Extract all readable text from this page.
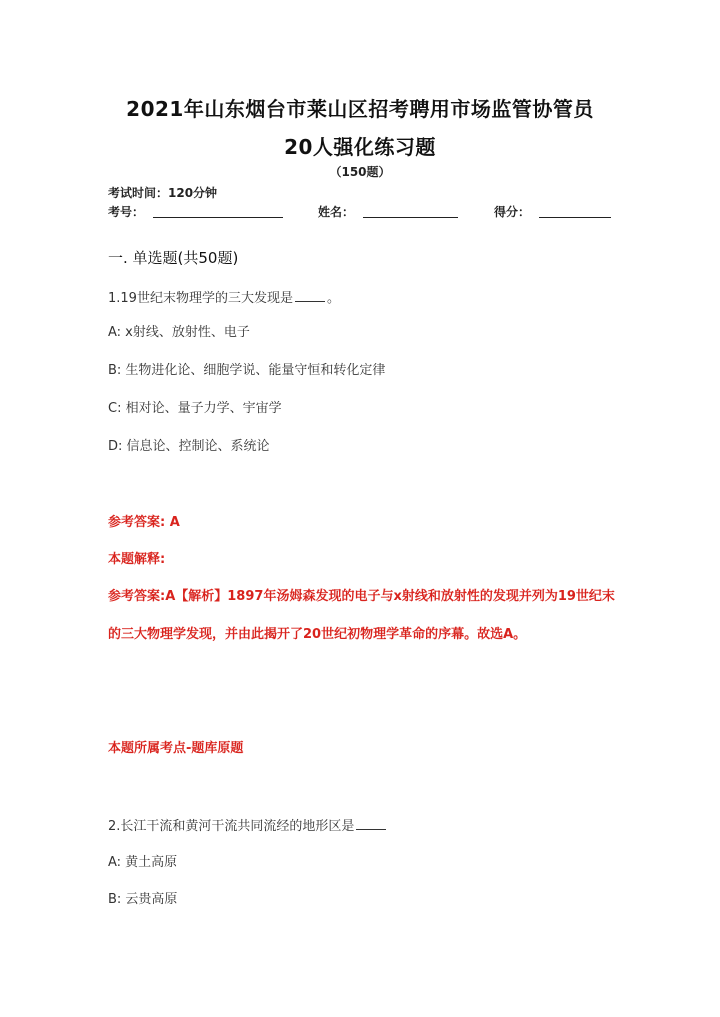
2021年山东烟台市莱山区招考聘用市场监管协管员
20人强化练习题
（150题）
考试时间：120分钟
考号：	姓名：	得分：
一. 单选题(共50题)
1.19世纪末物理学的三大发现是	。
A: x射线、放射性、电子
B: 生物进化论、细胞学说、能量守恒和转化定律
C: 相对论、量子力学、宇宙学
D: 信息论、控制论、系统论
参考答案: A
本题解释:
参考答案:A【解析】1897年汤姆森发现的电子与x射线和放射性的发现并列为19世纪末的三大物理学发现，并由此揭开了20世纪初物理学革命的序幕。故选A。
本题所属考点-题库原题
2.长江干流和黄河干流共同流经的地形区是
A: 黄土高原
B: 云贵高原
